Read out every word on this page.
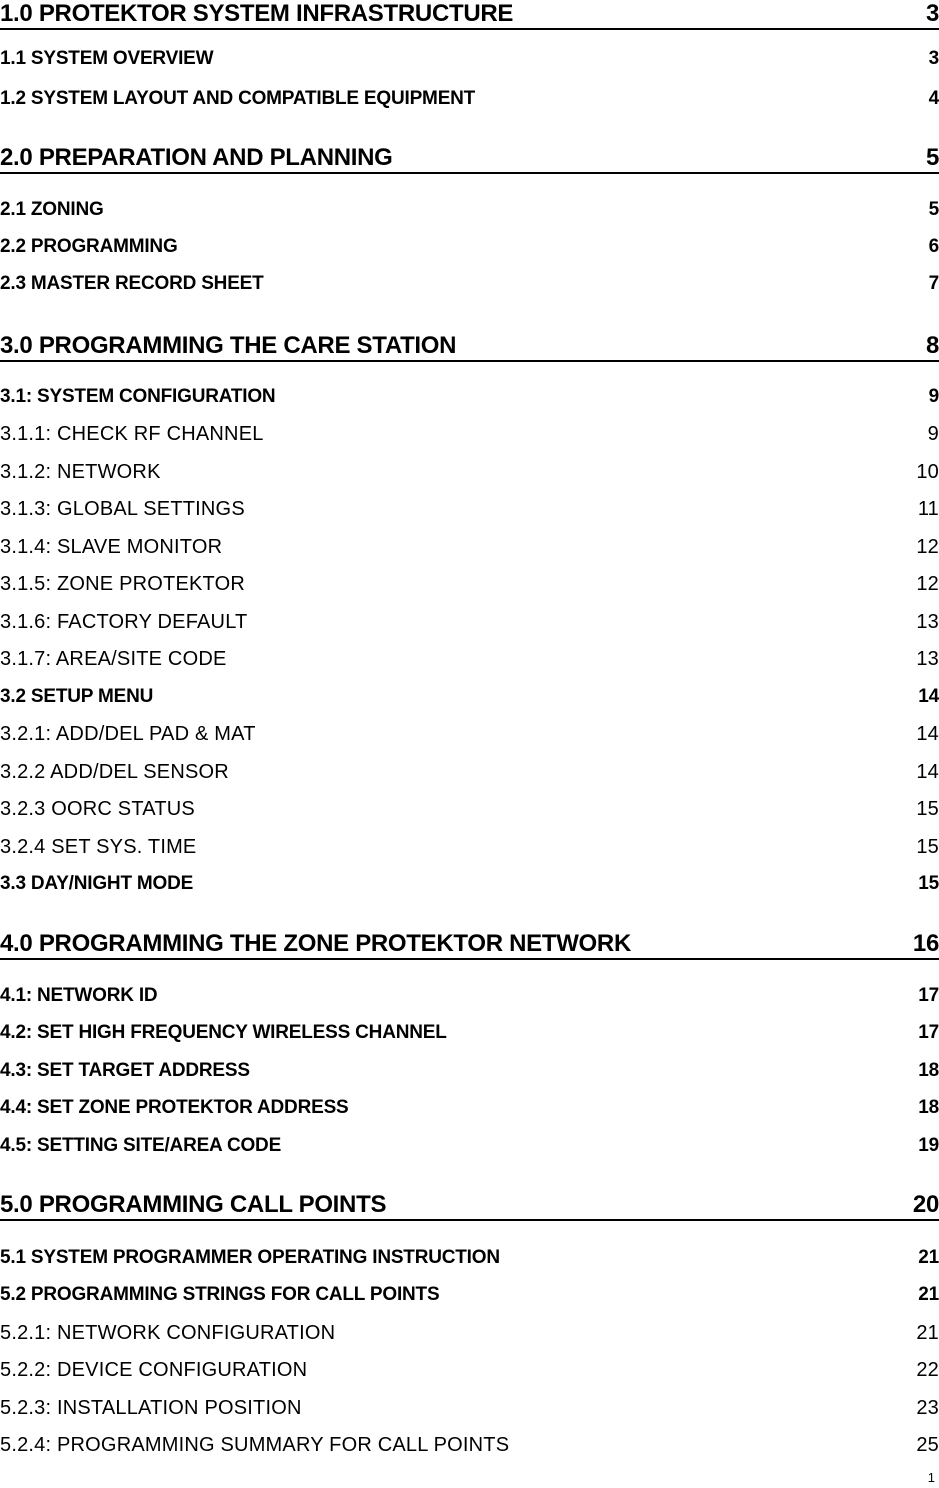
1.0 PROTEKTOR SYSTEM INFRASTRUCTURE	3
1.1 SYSTEM OVERVIEW	3
1.2 SYSTEM LAYOUT AND COMPATIBLE EQUIPMENT	4
2.0 PREPARATION AND PLANNING	5
2.1 ZONING	5
2.2 PROGRAMMING	6
2.3 MASTER RECORD SHEET	7
3.0 PROGRAMMING THE CARE STATION	8
3.1: SYSTEM CONFIGURATION	9
3.1.1: CHECK RF CHANNEL	9
3.1.2: NETWORK	10
3.1.3: GLOBAL SETTINGS	11
3.1.4: SLAVE MONITOR	12
3.1.5: ZONE PROTEKTOR	12
3.1.6: FACTORY DEFAULT	13
3.1.7: AREA/SITE CODE	13
3.2 SETUP MENU	14
3.2.1: ADD/DEL PAD & MAT	14
3.2.2 ADD/DEL SENSOR	14
3.2.3 OORC STATUS	15
3.2.4 SET SYS. TIME	15
3.3 DAY/NIGHT MODE	15
4.0 PROGRAMMING THE ZONE PROTEKTOR NETWORK	16
4.1: NETWORK ID	17
4.2: SET HIGH FREQUENCY WIRELESS CHANNEL	17
4.3: SET TARGET ADDRESS	18
4.4: SET ZONE PROTEKTOR ADDRESS	18
4.5: SETTING SITE/AREA CODE	19
5.0 PROGRAMMING CALL POINTS	20
5.1 SYSTEM PROGRAMMER OPERATING INSTRUCTION	21
5.2 PROGRAMMING STRINGS FOR CALL POINTS	21
5.2.1: NETWORK CONFIGURATION	21
5.2.2: DEVICE CONFIGURATION	22
5.2.3: INSTALLATION POSITION	23
5.2.4: PROGRAMMING SUMMARY FOR CALL POINTS	25
1
